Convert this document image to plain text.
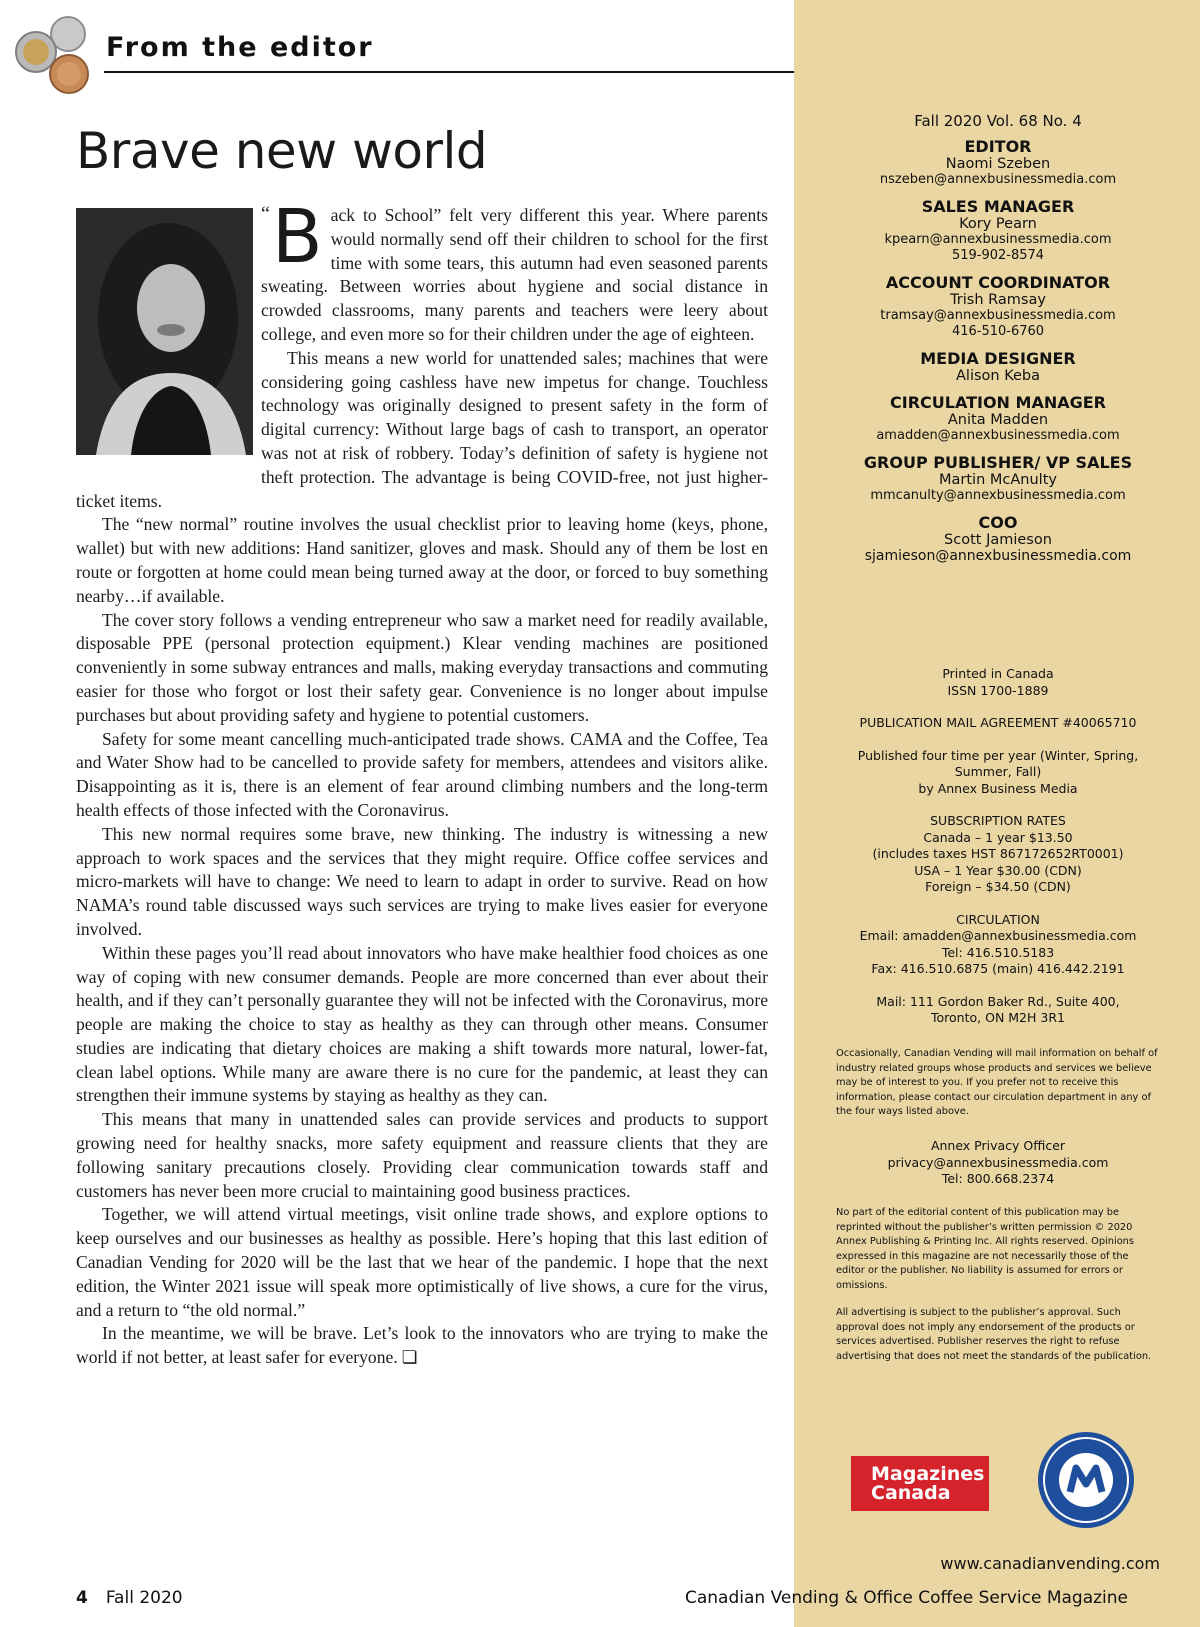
From the editor
Brave new world

“ B ack to School” felt very different this year. Where parents would normally send off their children to school for the first time with some tears, this autumn had even seasoned parents sweating. Between worries about hygiene and social distance in crowded classrooms, many parents and teachers were leery about college, and even more so for their children under the age of eighteen.

This means a new world for unattended sales; machines that were considering going cashless have new impetus for change. Touchless technology was originally designed to present safety in the form of digital currency: Without large bags of cash to transport, an operator was not at risk of robbery. Today’s definition of safety is hygiene not theft protection. The advantage is being COVID-free, not just higher-ticket items.

The “new normal” routine involves the usual checklist prior to leaving home (keys, phone, wallet) but with new additions: Hand sanitizer, gloves and mask. Should any of them be lost en route or forgotten at home could mean being turned away at the door, or forced to buy something nearby…if available.

The cover story follows a vending entrepreneur who saw a market need for readily available, disposable PPE (personal protection equipment.) Klear vending machines are positioned conveniently in some subway entrances and malls, making everyday transactions and commuting easier for those who forgot or lost their safety gear. Convenience is no longer about impulse purchases but about providing safety and hygiene to potential customers.

Safety for some meant cancelling much-anticipated trade shows. CAMA and the Coffee, Tea and Water Show had to be cancelled to provide safety for members, attendees and visitors alike. Disappointing as it is, there is an element of fear around climbing numbers and the long-term health effects of those infected with the Coronavirus.

This new normal requires some brave, new thinking. The industry is witnessing a new approach to work spaces and the services that they might require. Office coffee services and micro-markets will have to change: We need to learn to adapt in order to survive. Read on how NAMA’s round table discussed ways such services are trying to make lives easier for everyone involved.

Within these pages you’ll read about innovators who have make healthier food choices as one way of coping with new consumer demands. People are more concerned than ever about their health, and if they can’t personally guarantee they will not be infected with the Coronavirus, more people are making the choice to stay as healthy as they can through other means. Consumer studies are indicating that dietary choices are making a shift towards more natural, lower-fat, clean label options. While many are aware there is no cure for the pandemic, at least they can strengthen their immune systems by staying as healthy as they can.

This means that many in unattended sales can provide services and products to support growing need for healthy snacks, more safety equipment and reassure clients that they are following sanitary precautions closely. Providing clear communication towards staff and customers has never been more crucial to maintaining good business practices.

Together, we will attend virtual meetings, visit online trade shows, and explore options to keep ourselves and our businesses as healthy as possible. Here’s hoping that this last edition of Canadian Vending for 2020 will be the last that we hear of the pandemic. I hope that the next edition, the Winter 2021 issue will speak more optimistically of live shows, a cure for the virus, and a return to “the old normal.”

In the meantime, we will be brave. Let’s look to the innovators who are trying to make the world if not better, at least safer for everyone. ❏

Fall 2020 Vol. 68 No. 4
EDITOR
Naomi Szeben
nszeben@annexbusinessmedia.com
SALES MANAGER
Kory Pearn
kpearn@annexbusinessmedia.com
519-902-8574
ACCOUNT COORDINATOR
Trish Ramsay
tramsay@annexbusinessmedia.com
416-510-6760
MEDIA DESIGNER
Alison Keba
CIRCULATION MANAGER
Anita Madden
amadden@annexbusinessmedia.com
GROUP PUBLISHER/ VP SALES
Martin McAnulty
mmcanulty@annexbusinessmedia.com
COO
Scott Jamieson
sjamieson@annexbusinessmedia.com
Printed in Canada
ISSN 1700-1889
PUBLICATION MAIL AGREEMENT #40065710
Published four time per year (Winter, Spring,
Summer, Fall)
by Annex Business Media
SUBSCRIPTION RATES
Canada – 1 year $13.50
(includes taxes HST 867172652RT0001)
USA – 1 Year $30.00 (CDN)
Foreign – $34.50 (CDN)
CIRCULATION
Email: amadden@annexbusinessmedia.com
Tel: 416.510.5183
Fax: 416.510.6875 (main) 416.442.2191
Mail: 111 Gordon Baker Rd., Suite 400,
Toronto, ON M2H 3R1
Occasionally, Canadian Vending will mail information on behalf of industry related groups whose products and services we believe may be of interest to you. If you prefer not to receive this information, please contact our circulation department in any of the four ways listed above.
Annex Privacy Officer
privacy@annexbusinessmedia.com
Tel: 800.668.2374
No part of the editorial content of this publication may be reprinted without the publisher’s written permission © 2020 Annex Publishing & Printing Inc. All rights reserved. Opinions expressed in this magazine are not necessarily those of the editor or the publisher. No liability is assumed for errors or omissions.
All advertising is subject to the publisher’s approval. Such approval does not imply any endorsement of the products or services advertised. Publisher reserves the right to refuse advertising that does not meet the standards of the publication.
Magazines
Canada
www.canadianvending.com
4 Fall 2020	Canadian Vending & Office Coffee Service Magazine
